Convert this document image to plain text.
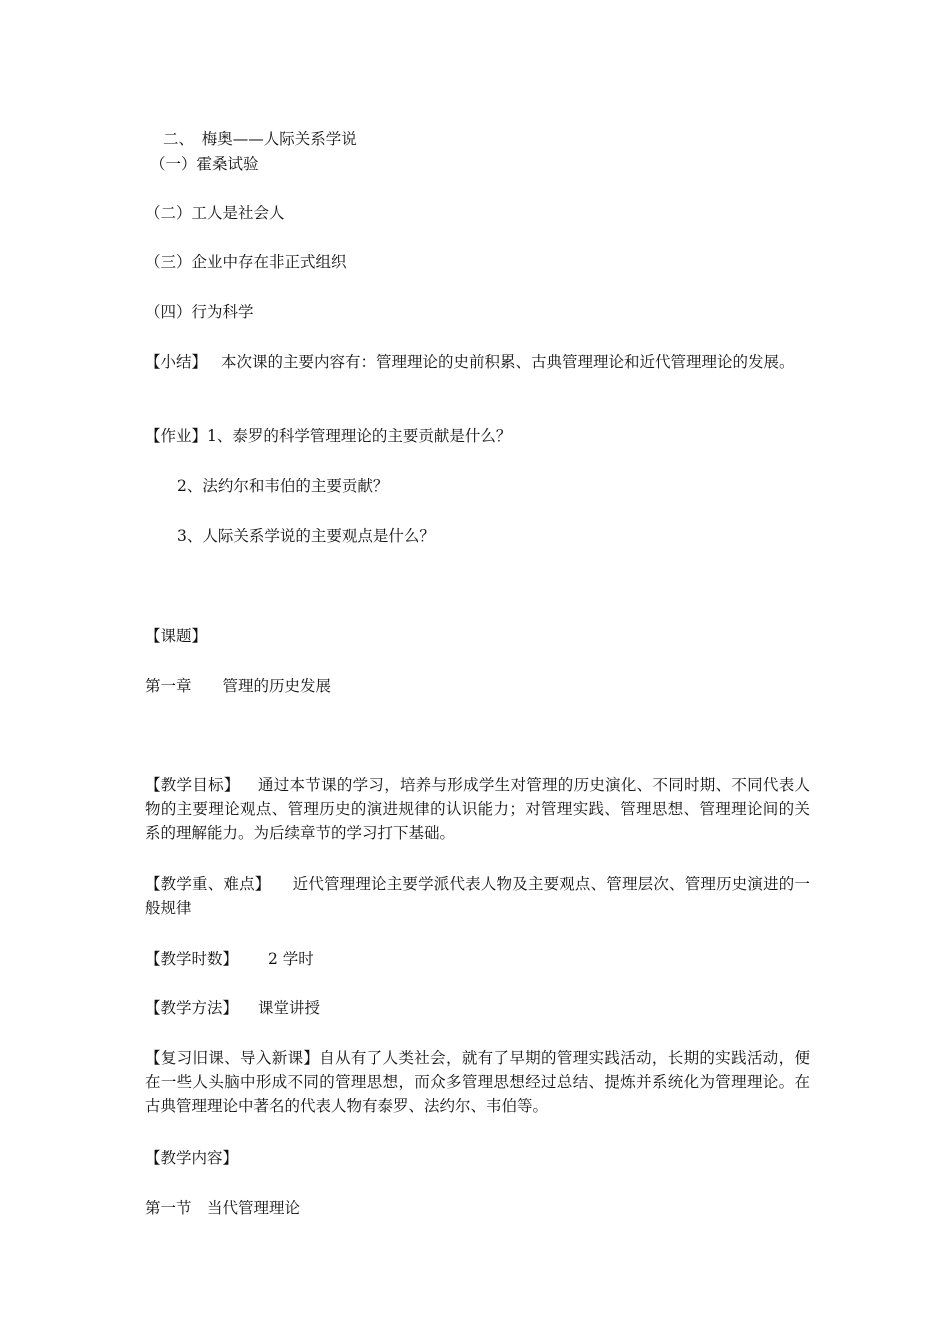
二、　梅奥——人际关系学说
（一）霍桑试验
（二）工人是社会人
（三）企业中存在非正式组织
（四）行为科学
【小结】 本次课的主要内容有：管理理论的史前积累、古典管理理论和近代管理理论的发展。
【作业】1、泰罗的科学管理理论的主要贡献是什么？
2、法约尔和韦伯的主要贡献？
3、人际关系学说的主要观点是什么？
【课题】
第一章　　管理的历史发展
【教学目标】 通过本节课的学习，培养与形成学生对管理的历史演化、不同时期、不同代表人物的主要理论观点、管理历史的演进规律的认识能力；对管理实践、管理思想、管理理论间的关系的理解能力。为后续章节的学习打下基础。
【教学重、难点】 近代管理理论主要学派代表人物及主要观点、管理层次、管理历史演进的一般规律
【教学时数】 2 学时
【教学方法】 课堂讲授
【复习旧课、导入新课】自从有了人类社会，就有了早期的管理实践活动，长期的实践活动，便在一些人头脑中形成不同的管理思想，而众多管理思想经过总结、提炼并系统化为管理理论。在古典管理理论中著名的代表人物有泰罗、法约尔、韦伯等。
【教学内容】
第一节　当代管理理论
